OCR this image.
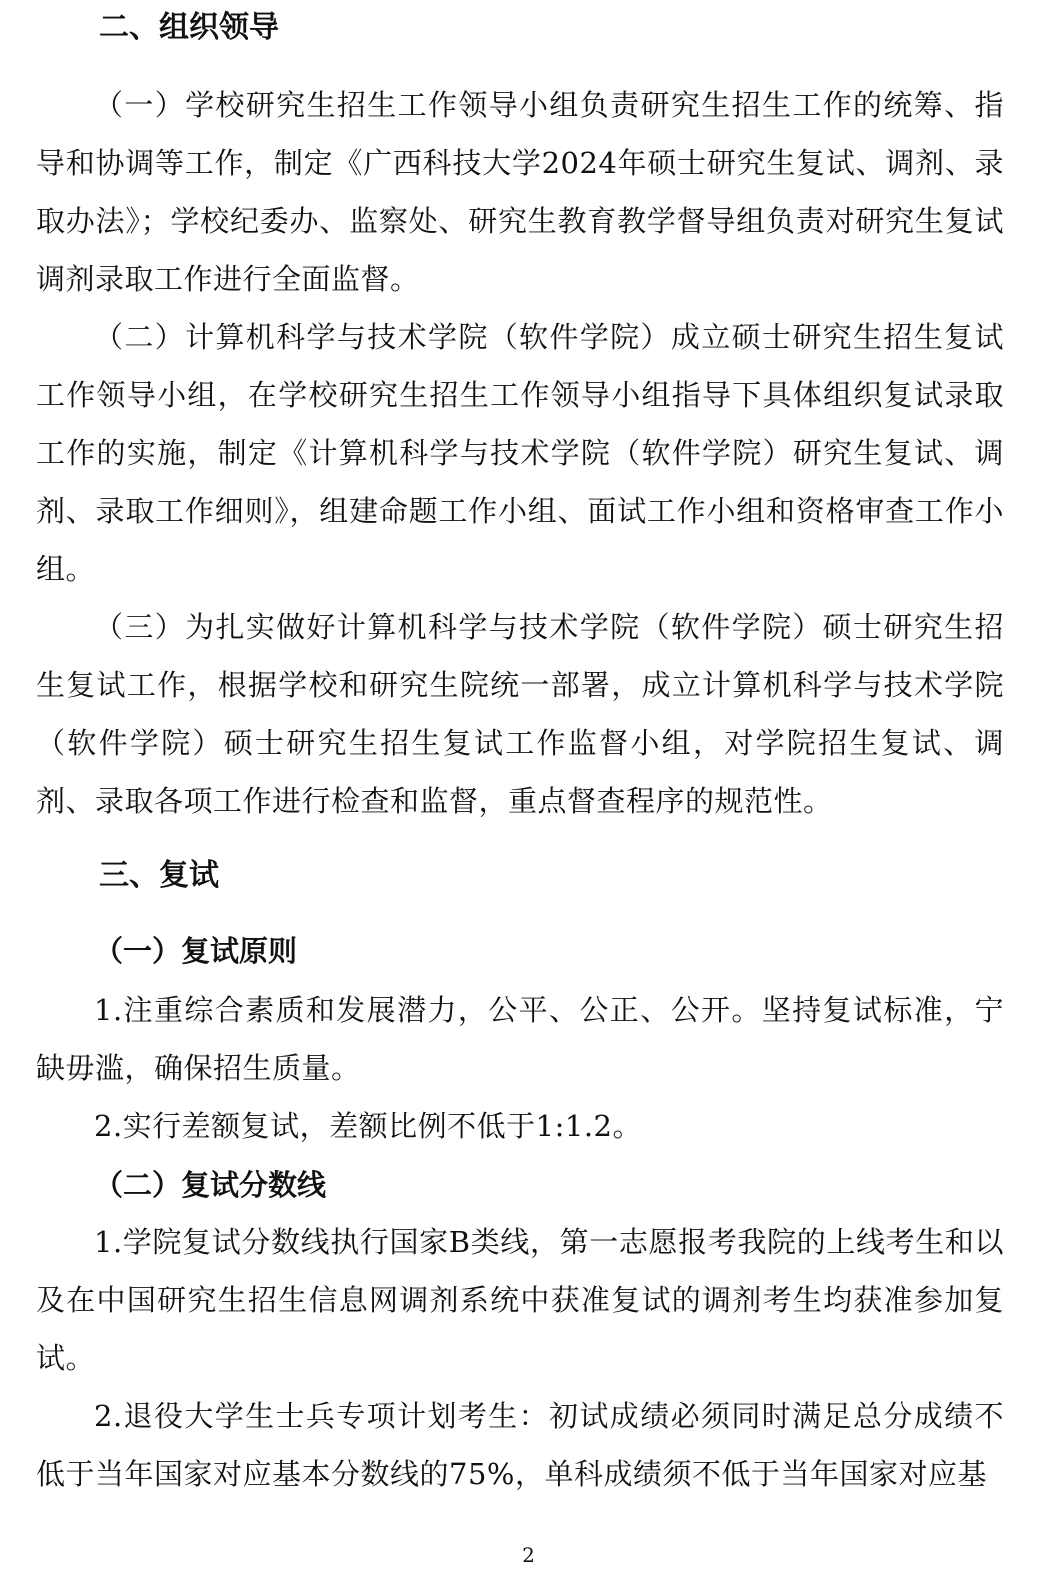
二、组织领导

（一）学校研究生招生工作领导小组负责研究生招生工作的统筹、指导和协调等工作，制定《广西科技大学2024年硕士研究生复试、调剂、录取办法》；学校纪委办、监察处、研究生教育教学督导组负责对研究生复试调剂录取工作进行全面监督。

（二）计算机科学与技术学院（软件学院）成立硕士研究生招生复试工作领导小组，在学校研究生招生工作领导小组指导下具体组织复试录取工作的实施，制定《计算机科学与技术学院（软件学院）研究生复试、调剂、录取工作细则》，组建命题工作小组、面试工作小组和资格审查工作小组。

（三）为扎实做好计算机科学与技术学院（软件学院）硕士研究生招生复试工作，根据学校和研究生院统一部署，成立计算机科学与技术学院（软件学院）硕士研究生招生复试工作监督小组，对学院招生复试、调剂、录取各项工作进行检查和监督，重点督查程序的规范性。

三、复试
（一）复试原则

1.注重综合素质和发展潜力，公平、公正、公开。坚持复试标准，宁缺毋滥，确保招生质量。

2.实行差额复试，差额比例不低于1:1.2。

（二）复试分数线

1.学院复试分数线执行国家B类线，第一志愿报考我院的上线考生和以及在中国研究生招生信息网调剂系统中获准复试的调剂考生均获准参加复试。

2.退役大学生士兵专项计划考生：初试成绩必须同时满足总分成绩不低于当年国家对应基本分数线的75%，单科成绩须不低于当年国家对应基

2
